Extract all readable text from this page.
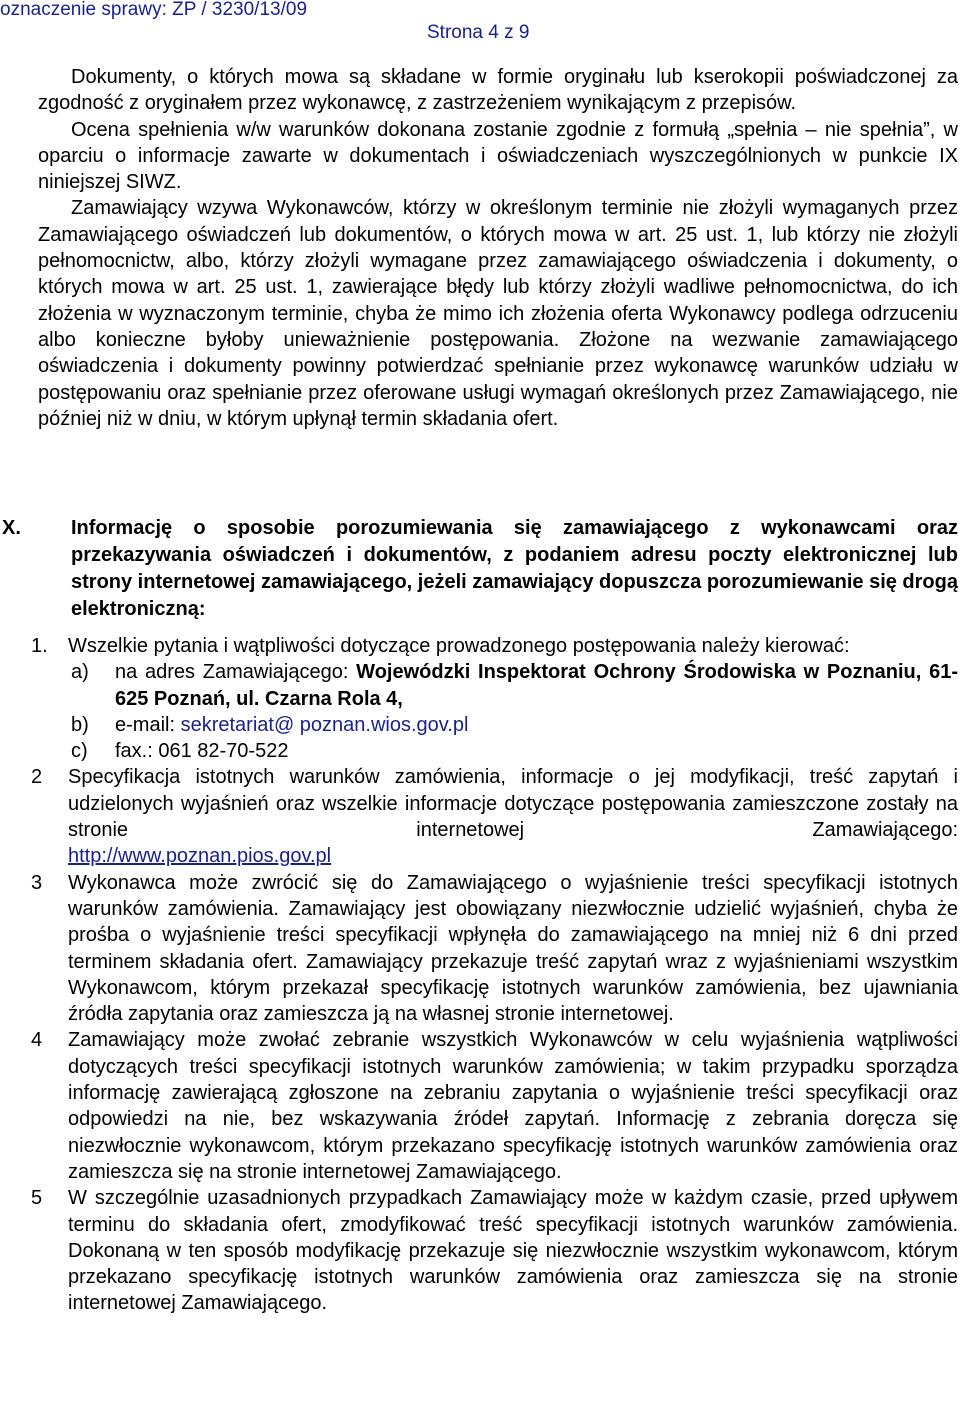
oznaczenie sprawy: ZP / 3230/13/09
Strona 4 z 9

Dokumenty, o których mowa są składane w formie oryginału lub kserokopii poświadczonej za zgodność z oryginałem przez wykonawcę, z zastrzeżeniem wynikającym z przepisów.

Ocena spełnienia w/w warunków dokonana zostanie zgodnie z formułą „spełnia – nie spełnia”, w oparciu o informacje zawarte w dokumentach i oświadczeniach wyszczególnionych w punkcie IX niniejszej SIWZ.

Zamawiający wzywa Wykonawców, którzy w określonym terminie nie złożyli wymaganych przez Zamawiającego oświadczeń lub dokumentów, o których mowa w art. 25 ust. 1, lub którzy nie złożyli pełnomocnictw, albo, którzy złożyli wymagane przez zamawiającego oświadczenia i dokumenty, o których mowa w art. 25 ust. 1, zawierające błędy lub którzy złożyli wadliwe pełnomocnictwa, do ich złożenia w wyznaczonym terminie, chyba że mimo ich złożenia oferta Wykonawcy podlega odrzuceniu albo konieczne byłoby unieważnienie postępowania. Złożone na wezwanie zamawiającego oświadczenia i dokumenty powinny potwierdzać spełnianie przez wykonawcę warunków udziału w postępowaniu oraz spełnianie przez oferowane usługi wymagań określonych przez Zamawiającego, nie później niż w dniu, w którym upłynął termin składania ofert.

X.	Informację o sposobie porozumiewania się zamawiającego z wykonawcami oraz przekazywania oświadczeń i dokumentów, z podaniem adresu poczty elektronicznej lub strony internetowej zamawiającego, jeżeli zamawiający dopuszcza porozumiewanie się drogą elektroniczną:

1. Wszelkie pytania i wątpliwości dotyczące prowadzonego postępowania należy kierować:

a) na adres Zamawiającego: Wojewódzki Inspektorat Ochrony Środowiska w Poznaniu, 61-625 Poznań, ul. Czarna Rola 4,

b) e-mail: sekretariat@ poznan.wios.gov.pl

c) fax.: 061 82-70-522

2 Specyfikacja istotnych warunków zamówienia, informacje o jej modyfikacji, treść zapytań i udzielonych wyjaśnień oraz wszelkie informacje dotyczące postępowania zamieszczone zostały na stronie internetowej Zamawiającego:

http://www.poznan.pios.gov.pl

3 Wykonawca może zwrócić się do Zamawiającego o wyjaśnienie treści specyfikacji istotnych warunków zamówienia. Zamawiający jest obowiązany niezwłocznie udzielić wyjaśnień, chyba że prośba o wyjaśnienie treści specyfikacji wpłynęła do zamawiającego na mniej niż 6 dni przed terminem składania ofert. Zamawiający przekazuje treść zapytań wraz z wyjaśnieniami wszystkim Wykonawcom, którym przekazał specyfikację istotnych warunków zamówienia, bez ujawniania źródła zapytania oraz zamieszcza ją na własnej stronie internetowej.

4 Zamawiający może zwołać zebranie wszystkich Wykonawców w celu wyjaśnienia wątpliwości dotyczących treści specyfikacji istotnych warunków zamówienia; w takim przypadku sporządza informację zawierającą zgłoszone na zebraniu zapytania o wyjaśnienie treści specyfikacji oraz odpowiedzi na nie, bez wskazywania źródeł zapytań. Informację z zebrania doręcza się niezwłocznie wykonawcom, którym przekazano specyfikację istotnych warunków zamówienia oraz zamieszcza się na stronie internetowej Zamawiającego.

5 W szczególnie uzasadnionych przypadkach Zamawiający może w każdym czasie, przed upływem terminu do składania ofert, zmodyfikować treść specyfikacji istotnych warunków zamówienia. Dokonaną w ten sposób modyfikację przekazuje się niezwłocznie wszystkim wykonawcom, którym przekazano specyfikację istotnych warunków zamówienia oraz zamieszcza się na stronie internetowej Zamawiającego.
